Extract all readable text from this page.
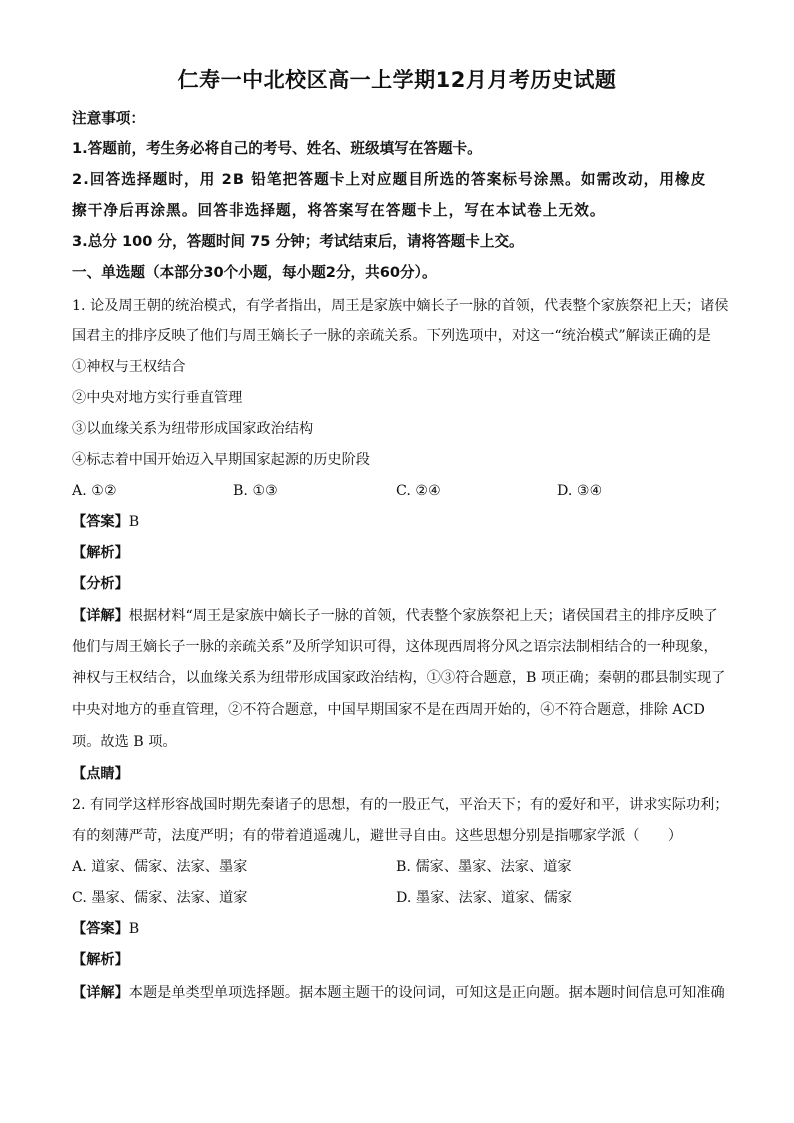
仁寿一中北校区高一上学期12月月考历史试题
注意事项：
1.答题前，考生务必将自己的考号、姓名、班级填写在答题卡。
2.回答选择题时，用 2B 铅笔把答题卡上对应题目所选的答案标号涂黑。如需改动，用橡皮
擦干净后再涂黑。回答非选择题，将答案写在答题卡上，写在本试卷上无效。
3.总分 100 分，答题时间 75 分钟；考试结束后，请将答题卡上交。
一、单选题（本部分30个小题，每小题2分，共60分）。
1. 论及周王朝的统治模式，有学者指出，周王是家族中嫡长子一脉的首领，代表整个家族祭祀上天；诸侯
国君主的排序反映了他们与周王嫡长子一脉的亲疏关系。下列选项中，对这一“统治模式”解读正确的是
①神权与王权结合
②中央对地方实行垂直管理
③以血缘关系为纽带形成国家政治结构
④标志着中国开始迈入早期国家起源的历史阶段
A. ①②	B. ①③	C. ②④	D. ③④
【答案】B
【解析】
【分析】
【详解】根据材料“周王是家族中嫡长子一脉的首领，代表整个家族祭祀上天；诸侯国君主的排序反映了
他们与周王嫡长子一脉的亲疏关系”及所学知识可得，这体现西周将分风之语宗法制相结合的一种现象，
神权与王权结合，以血缘关系为纽带形成国家政治结构，①③符合题意，B 项正确；秦朝的郡县制实现了
中央对地方的垂直管理，②不符合题意，中国早期国家不是在西周开始的，④不符合题意，排除 ACD
项。故选 B 项。
【点睛】
2. 有同学这样形容战国时期先秦诸子的思想，有的一股正气，平治天下；有的爱好和平，讲求实际功利；
有的刻薄严苛，法度严明；有的带着逍遥魂儿，避世寻自由。这些思想分别是指哪家学派（　　）
A. 道家、儒家、法家、墨家	B. 儒家、墨家、法家、道家
C. 墨家、儒家、法家、道家	D. 墨家、法家、道家、儒家
【答案】B
【解析】
【详解】本题是单类型单项选择题。据本题主题干的设问词，可知这是正向题。据本题时间信息可知准确
